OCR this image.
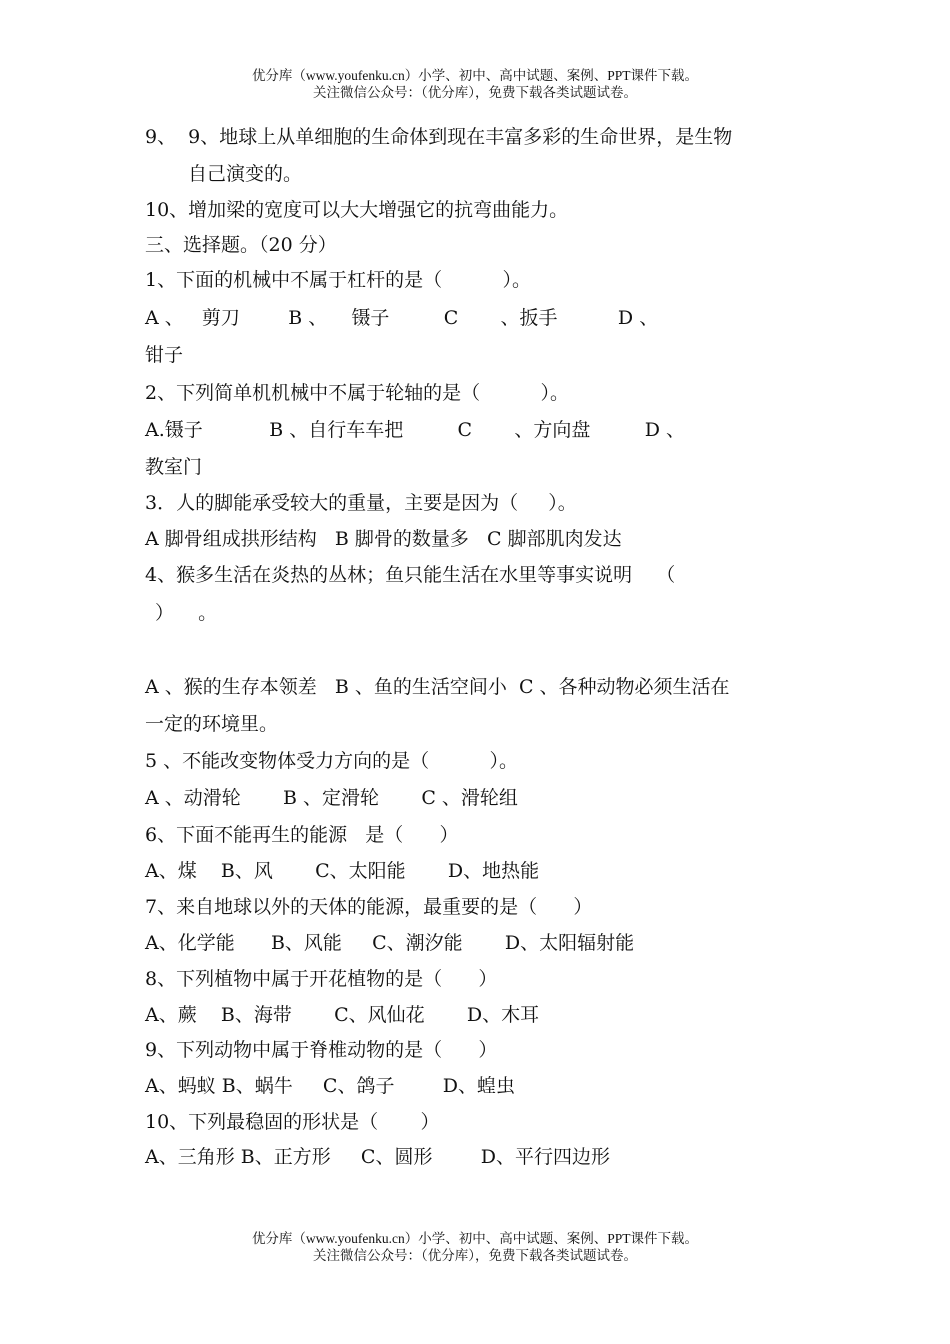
优分库（www.youfenku.cn）小学、初中、高中试题、案例、PPT课件下载。
关注微信公众号：（优分库），免费下载各类试题试卷。
9、  9、地球上从单细胞的生命体到现在丰富多彩的生命世界，是生物
自己演变的。
10、增加梁的宽度可以大大增强它的抗弯曲能力。
三、选择题。（20 分）
1、下面的机械中不属于杠杆的是（          ）。
A 、   剪刀        B 、    镊子         C       、扳手          D 、
钳子
2、下列简单机机械中不属于轮轴的是（          ）。
A.镊子           B 、自行车车把         C       、方向盘         D 、
教室门
3．人的脚能承受较大的重量，主要是因为（     ）。
A 脚骨组成拱形结构   B 脚骨的数量多   C 脚部肌肉发达
4、猴多生活在炎热的丛林；鱼只能生活在水里等事实说明    （
）    。
A 、猴的生存本领差   B 、鱼的生活空间小  C 、各种动物必须生活在
一定的环境里。
5 、不能改变物体受力方向的是（          ）。
A 、动滑轮       B 、定滑轮       C 、滑轮组
6、下面不能再生的能源   是（      ）
A、煤    B、风       C、太阳能       D、地热能
7、来自地球以外的天体的能源，最重要的是（      ）
A、化学能      B、风能     C、潮汐能       D、太阳辐射能
8、下列植物中属于开花植物的是（      ）
A、蕨    B、海带       C、风仙花       D、木耳
9、下列动物中属于脊椎动物的是（      ）
A、蚂蚁 B、蜗牛     C、鸽子        D、蝗虫
10、下列最稳固的形状是（       ）
A、三角形 B、正方形     C、圆形        D、平行四边形
优分库（www.youfenku.cn）小学、初中、高中试题、案例、PPT课件下载。
关注微信公众号：（优分库），免费下载各类试题试卷。
